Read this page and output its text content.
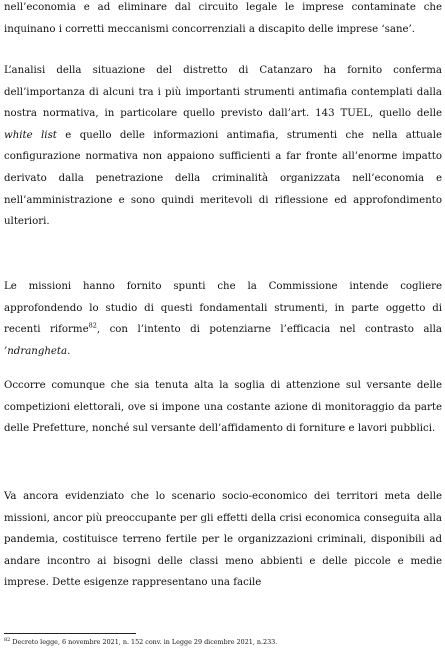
nell’economia e ad eliminare dal circuito legale le imprese contaminate che inquinano i corretti meccanismi concorrenziali a discapito delle imprese ‘sane’.

L’analisi della situazione del distretto di Catanzaro ha fornito conferma dell’importanza di alcuni tra i più importanti strumenti antimafia contemplati dalla nostra normativa, in particolare quello previsto dall’art. 143 TUEL, quello delle white list e quello delle informazioni antimafia, strumenti che nella attuale configurazione normativa non appaiono sufficienti a far fronte all’enorme impatto derivato dalla penetrazione della criminalità organizzata nell’economia e nell’amministrazione e sono quindi meritevoli di riflessione ed approfondimento ulteriori.

Le missioni hanno fornito spunti che la Commissione intende cogliere approfondendo lo studio di questi fondamentali strumenti, in parte oggetto di recenti riforme$^{82}$, con l’intento di potenziarne l’efficacia nel contrasto alla ’ndrangheta.

Occorre comunque che sia tenuta alta la soglia di attenzione sul versante delle competizioni elettorali, ove si impone una costante azione di monitoraggio da parte delle Prefetture, nonché sul versante dell’affidamento di forniture e lavori pubblici.

Va ancora evidenziato che lo scenario socio-economico dei territori meta delle missioni, ancor più preoccupante per gli effetti della crisi economica conseguita alla pandemia, costituisce terreno fertile per le organizzazioni criminali, disponibili ad andare incontro ai bisogni delle classi meno abbienti e delle piccole e medie imprese. Dette esigenze rappresentano una facile

$^{82}$ Decreto legge, 6 novembre 2021, n. 152 conv. in Legge 29 dicembre 2021, n.233.
